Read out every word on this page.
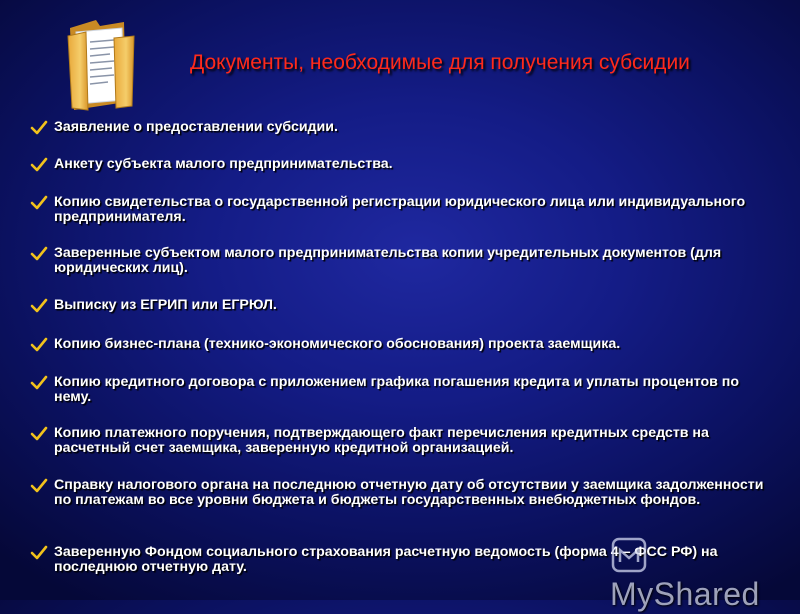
Документы, необходимые для получения субсидии
Заявление о предоставлении субсидии.
Анкету субъекта малого предпринимательства.
Копию свидетельства о государственной регистрации юридического лица или индивидуального предпринимателя.
Заверенные субъектом малого предпринимательства копии учредительных документов (для юридических лиц).
Выписку из ЕГРИП или ЕГРЮЛ.
Копию бизнес-плана (технико-экономического обоснования) проекта заемщика.
Копию кредитного договора с приложением графика погашения кредита и уплаты процентов по нему.
Копию платежного поручения, подтверждающего факт перечисления кредитных средств на расчетный счет заемщика, заверенную кредитной организацией.
Справку налогового органа на последнюю отчетную дату об отсутствии у заемщика задолженности по платежам во все уровни бюджета и бюджеты государственных внебюджетных фондов.
Заверенную Фондом социального страхования расчетную ведомость (форма 4 – ФСС РФ) на последнюю отчетную дату.
MyShared
